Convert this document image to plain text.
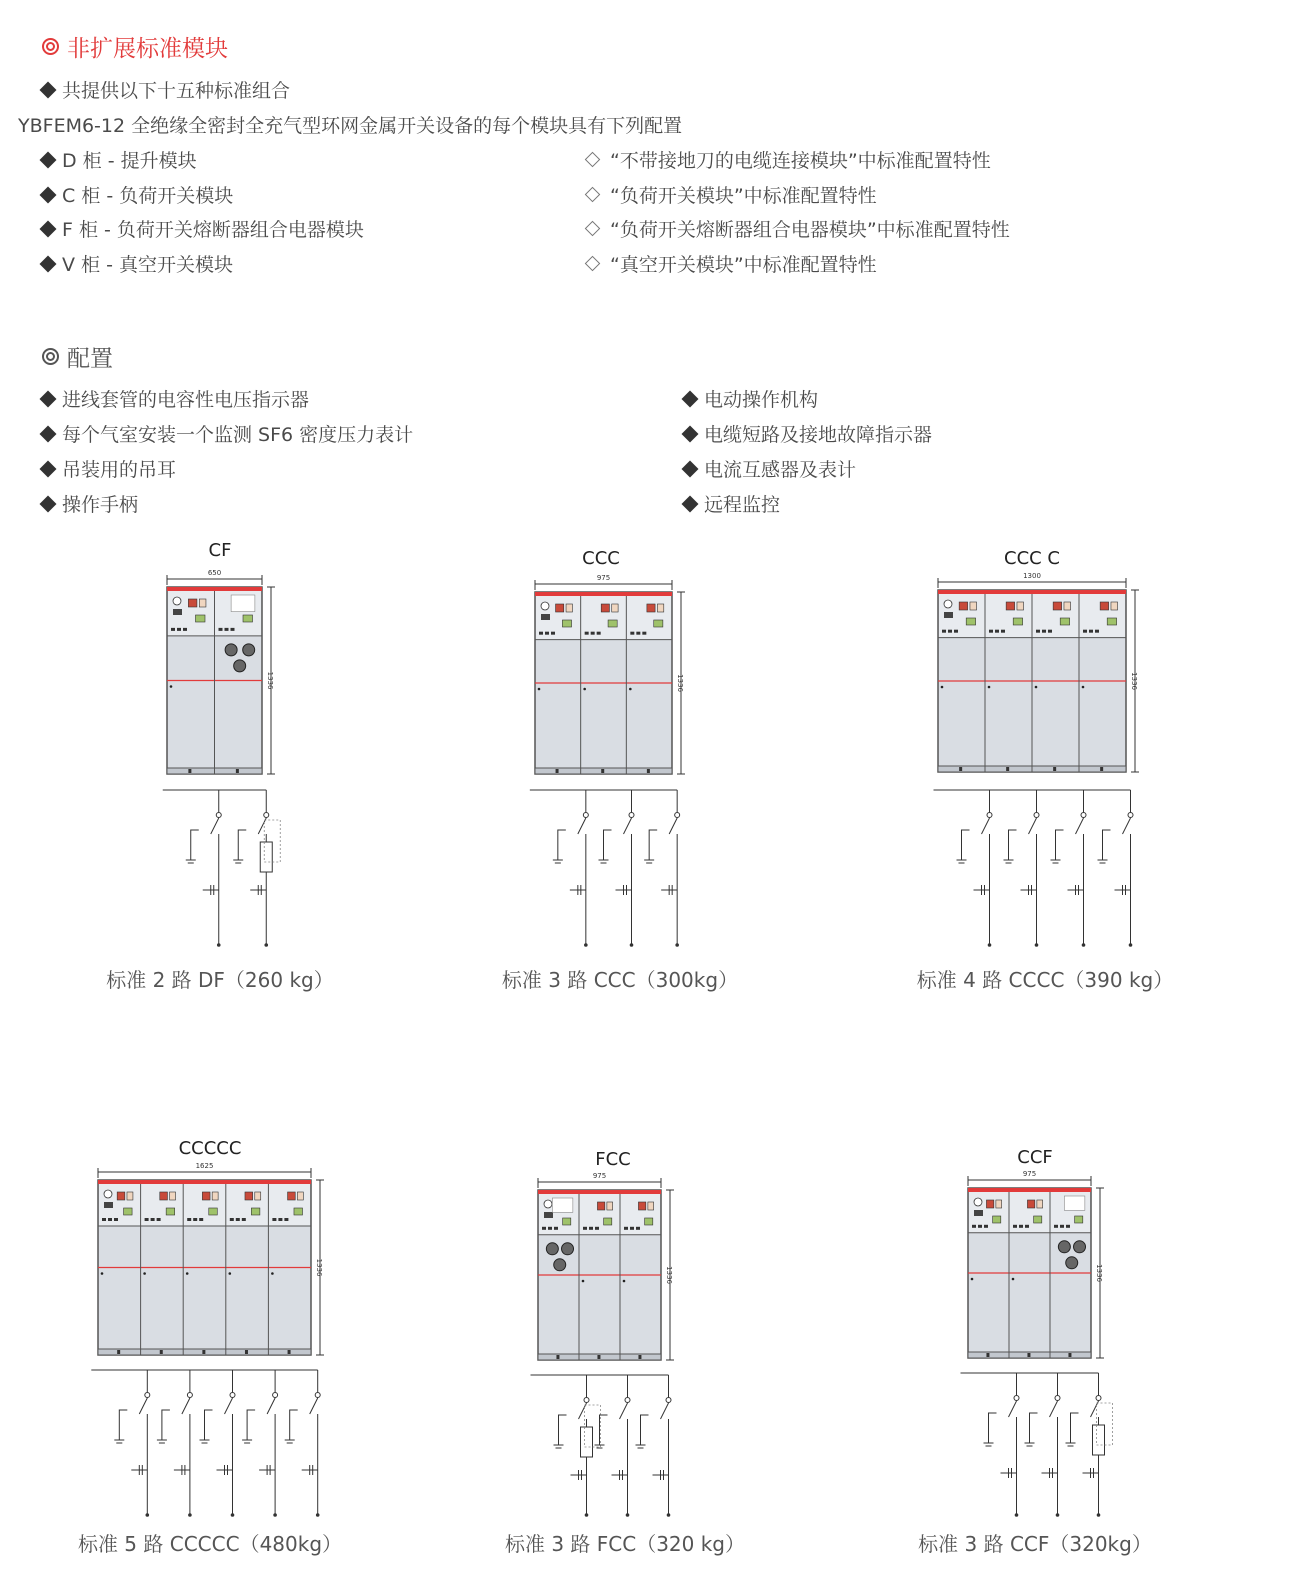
非扩展标准模块
共提供以下十五种标准组合
YBFEM6-12 全绝缘全密封全充气型环网金属开关设备的每个模块具有下列配置
D 柜 - 提升模块
C 柜 - 负荷开关模块
F 柜 - 负荷开关熔断器组合电器模块
V 柜 - 真空开关模块
“不带接地刀的电缆连接模块”中标准配置特性
“负荷开关模块”中标准配置特性
“负荷开关熔断器组合电器模块”中标准配置特性
“真空开关模块”中标准配置特性
配置
进线套管的电容性电压指示器
每个气室安装一个监测 SF6 密度压力表计
吊装用的吊耳
操作手柄
电动操作机构
电缆短路及接地故障指示器
电流互感器及表计
远程监控
CF
650
1336
标准 2 路 DF（260 kg）
CCC
975
1336
标准 3 路 CCC（300kg）
CCC C
1300
1336
标准 4 路 CCCC（390 kg）
CCCCC
1625
1336
标准 5 路 CCCCC（480kg）
FCC
975
1336
标准 3 路 FCC（320 kg）
CCF
975
1336
标准 3 路 CCF（320kg）
